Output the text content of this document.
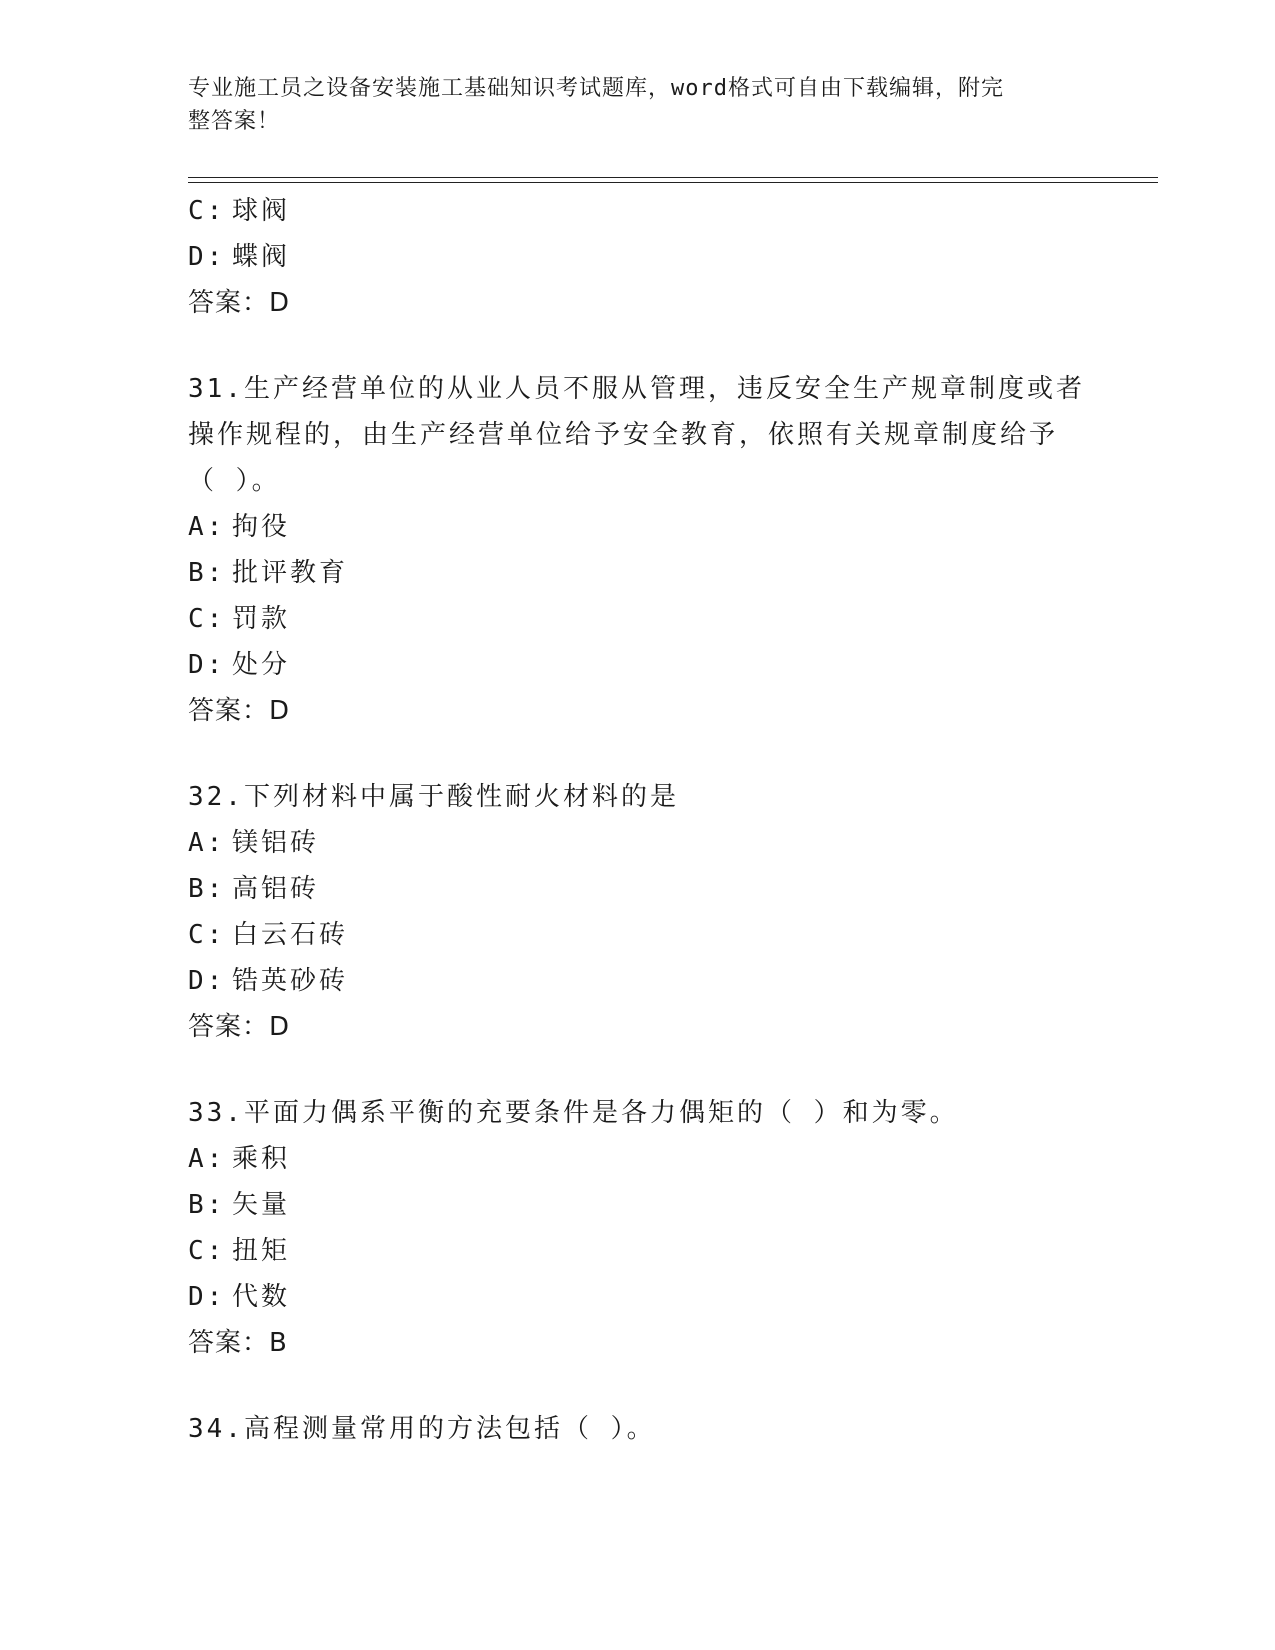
专业施工员之设备安装施工基础知识考试题库，word格式可自由下载编辑，附完
整答案！
C: 球阀
D: 蝶阀
答案：D
31.生产经营单位的从业人员不服从管理，违反安全生产规章制度或者
操作规程的，由生产经营单位给予安全教育，依照有关规章制度给予
（ ）。
A: 拘役
B: 批评教育
C: 罚款
D: 处分
答案：D
32.下列材料中属于酸性耐火材料的是
A: 镁铝砖
B: 高铝砖
C: 白云石砖
D: 锆英砂砖
答案：D
33.平面力偶系平衡的充要条件是各力偶矩的（ ）和为零。
A: 乘积
B: 矢量
C: 扭矩
D: 代数
答案：B
34.高程测量常用的方法包括（ ）。
